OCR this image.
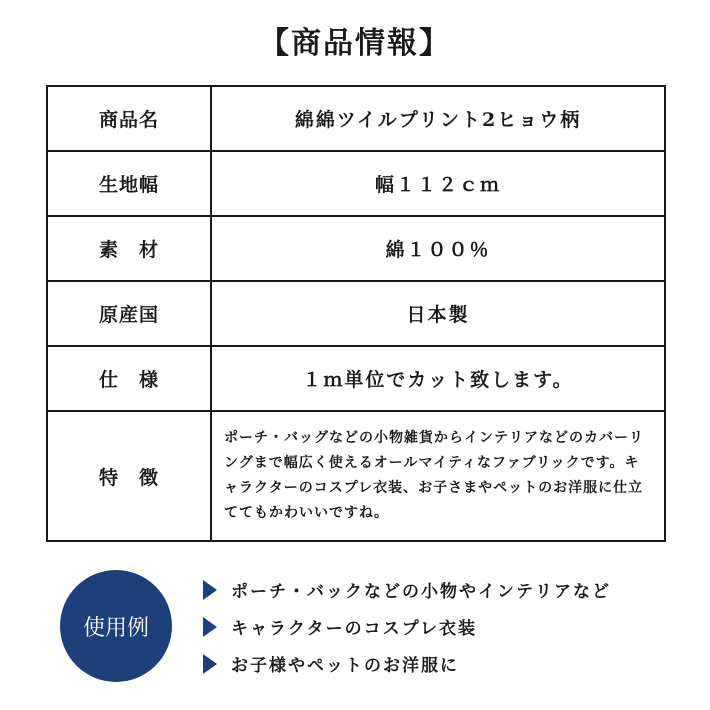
【商品情報】
商品名	綿綿ツイルプリント2ヒョウ柄
生地幅	幅１１２ｃｍ
素　材	綿１００％
原産国	日本製
仕　様	１ｍ単位でカット致します。
特　徴	ポーチ・バッグなどの小物雑貨からインテリアなどのカバーリングまで幅広く使えるオールマイティなファブリックです。キャラクターのコスプレ衣装、お子さまやペットのお洋服に仕立ててもかわいいですね。
使用例
ポーチ・バックなどの小物やインテリアなど
キャラクターのコスプレ衣装
お子様やペットのお洋服に
